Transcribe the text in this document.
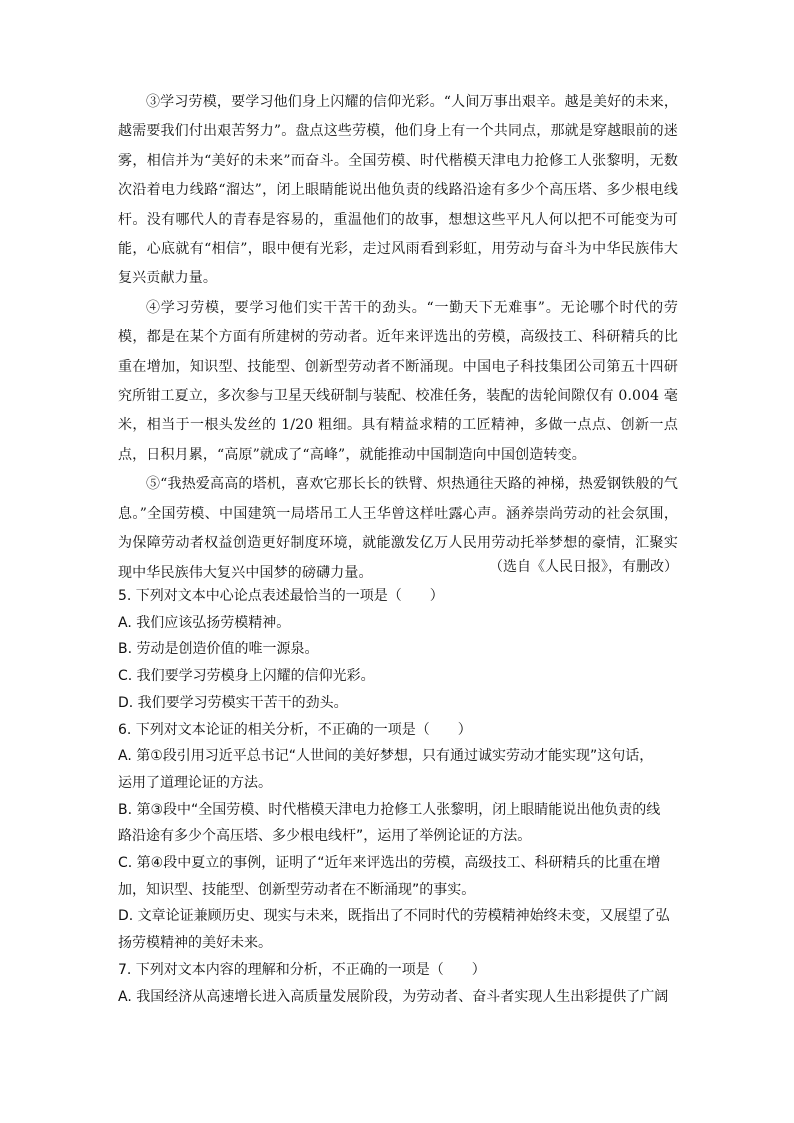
③学习劳模，要学习他们身上闪耀的信仰光彩。“人间万事出艰辛。越是美好的未来，越需要我们付出艰苦努力”。盘点这些劳模，他们身上有一个共同点，那就是穿越眼前的迷雾，相信并为“美好的未来”而奋斗。全国劳模、时代楷模天津电力抢修工人张黎明，无数次沿着电力线路“溜达”，闭上眼睛能说出他负责的线路沿途有多少个高压塔、多少根电线杆。没有哪代人的青春是容易的，重温他们的故事，想想这些平凡人何以把不可能变为可能，心底就有“相信”，眼中便有光彩，走过风雨看到彩虹，用劳动与奋斗为中华民族伟大复兴贡献力量。

④学习劳模，要学习他们实干苦干的劲头。“一勤天下无难事”。无论哪个时代的劳模，都是在某个方面有所建树的劳动者。近年来评选出的劳模，高级技工、科研精兵的比重在增加，知识型、技能型、创新型劳动者不断涌现。中国电子科技集团公司第五十四研究所钳工夏立，多次参与卫星天线研制与装配、校准任务，装配的齿轮间隙仅有 0.004 毫米，相当于一根头发丝的 1/20 粗细。具有精益求精的工匠精神，多做一点点、创新一点点，日积月累，“高原”就成了“高峰”，就能推动中国制造向中国创造转变。

⑤“我热爱高高的塔机，喜欢它那长长的铁臂、炽热通往天路的神梯，热爱钢铁般的气息。”全国劳模、中国建筑一局塔吊工人王华曾这样吐露心声。涵养崇尚劳动的社会氛围，为保障劳动者权益创造更好制度环境，就能激发亿万人民用劳动托举梦想的豪情，汇聚实现中华民族伟大复兴中国梦的磅礴力量。	（选自《人民日报》，有删改）

5. 下列对文本中心论点表述最恰当的一项是（　　）

A. 我们应该弘扬劳模精神。

B. 劳动是创造价值的唯一源泉。

C. 我们要学习劳模身上闪耀的信仰光彩。

D. 我们要学习劳模实干苦干的劲头。

6. 下列对文本论证的相关分析，不正确的一项是（　　）

A. 第①段引用习近平总书记“人世间的美好梦想，只有通过诚实劳动才能实现”这句话，

运用了道理论证的方法。

B. 第③段中“全国劳模、时代楷模天津电力抢修工人张黎明，闭上眼睛能说出他负责的线

路沿途有多少个高压塔、多少根电线杆”，运用了举例论证的方法。

C. 第④段中夏立的事例，证明了“近年来评选出的劳模，高级技工、科研精兵的比重在增

加，知识型、技能型、创新型劳动者在不断涌现”的事实。

D. 文章论证兼顾历史、现实与未来，既指出了不同时代的劳模精神始终未变，又展望了弘

扬劳模精神的美好未来。

7. 下列对文本内容的理解和分析，不正确的一项是（　　）

A. 我国经济从高速增长进入高质量发展阶段，为劳动者、奋斗者实现人生出彩提供了广阔
